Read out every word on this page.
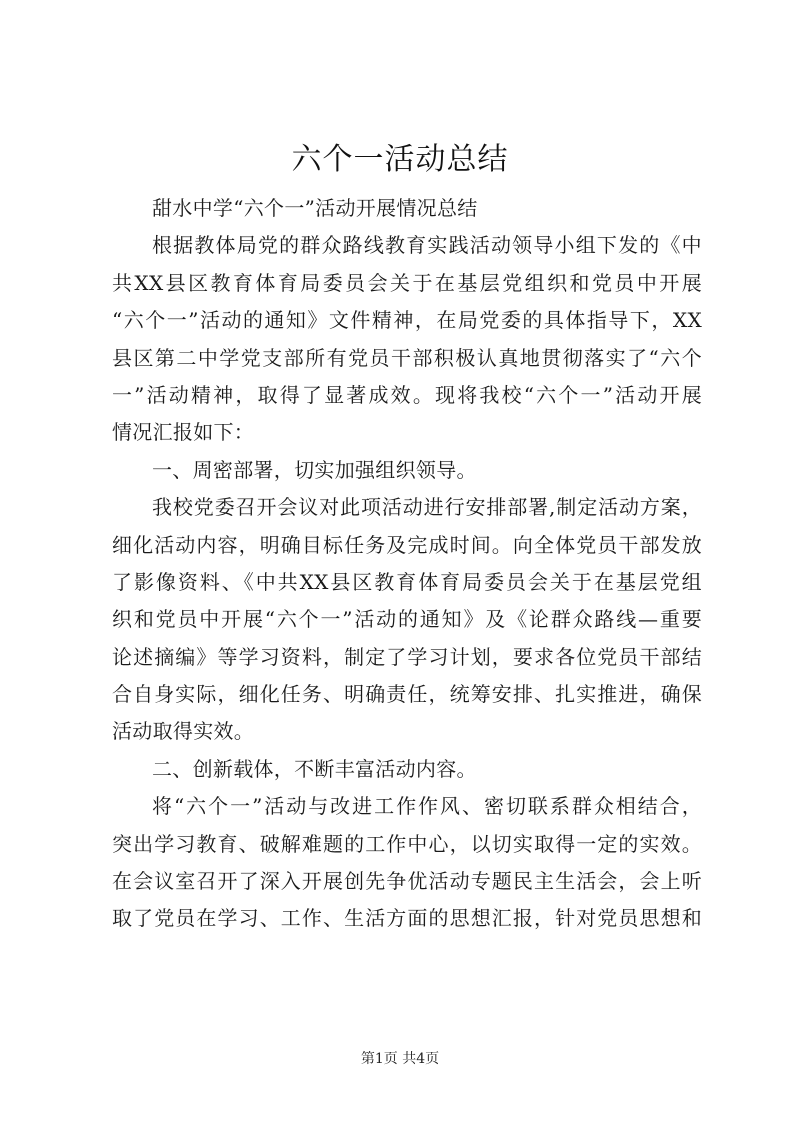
六个一活动总结
甜水中学“六个一”活动开展情况总结
根据教体局党的群众路线教育实践活动领导小组下发的《中
共XX县区教育体育局委员会关于在基层党组织和党员中开展
“六个一”活动的通知》文件精神，在局党委的具体指导下，XX
县区第二中学党支部所有党员干部积极认真地贯彻落实了“六个
一”活动精神，取得了显著成效。现将我校“六个一”活动开展
情况汇报如下：
一、周密部署，切实加强组织领导。
我校党委召开会议对此项活动进行安排部署,制定活动方案，
细化活动内容，明确目标任务及完成时间。向全体党员干部发放
了影像资料、《中共XX县区教育体育局委员会关于在基层党组
织和党员中开展“六个一”活动的通知》及《论群众路线—重要
论述摘编》等学习资料，制定了学习计划，要求各位党员干部结
合自身实际，细化任务、明确责任，统筹安排、扎实推进，确保
活动取得实效。
二、创新载体，不断丰富活动内容。
将“六个一”活动与改进工作作风、密切联系群众相结合，
突出学习教育、破解难题的工作中心，以切实取得一定的实效。
在会议室召开了深入开展创先争优活动专题民主生活会，会上听
取了党员在学习、工作、生活方面的思想汇报，针对党员思想和
第1页 共4页
